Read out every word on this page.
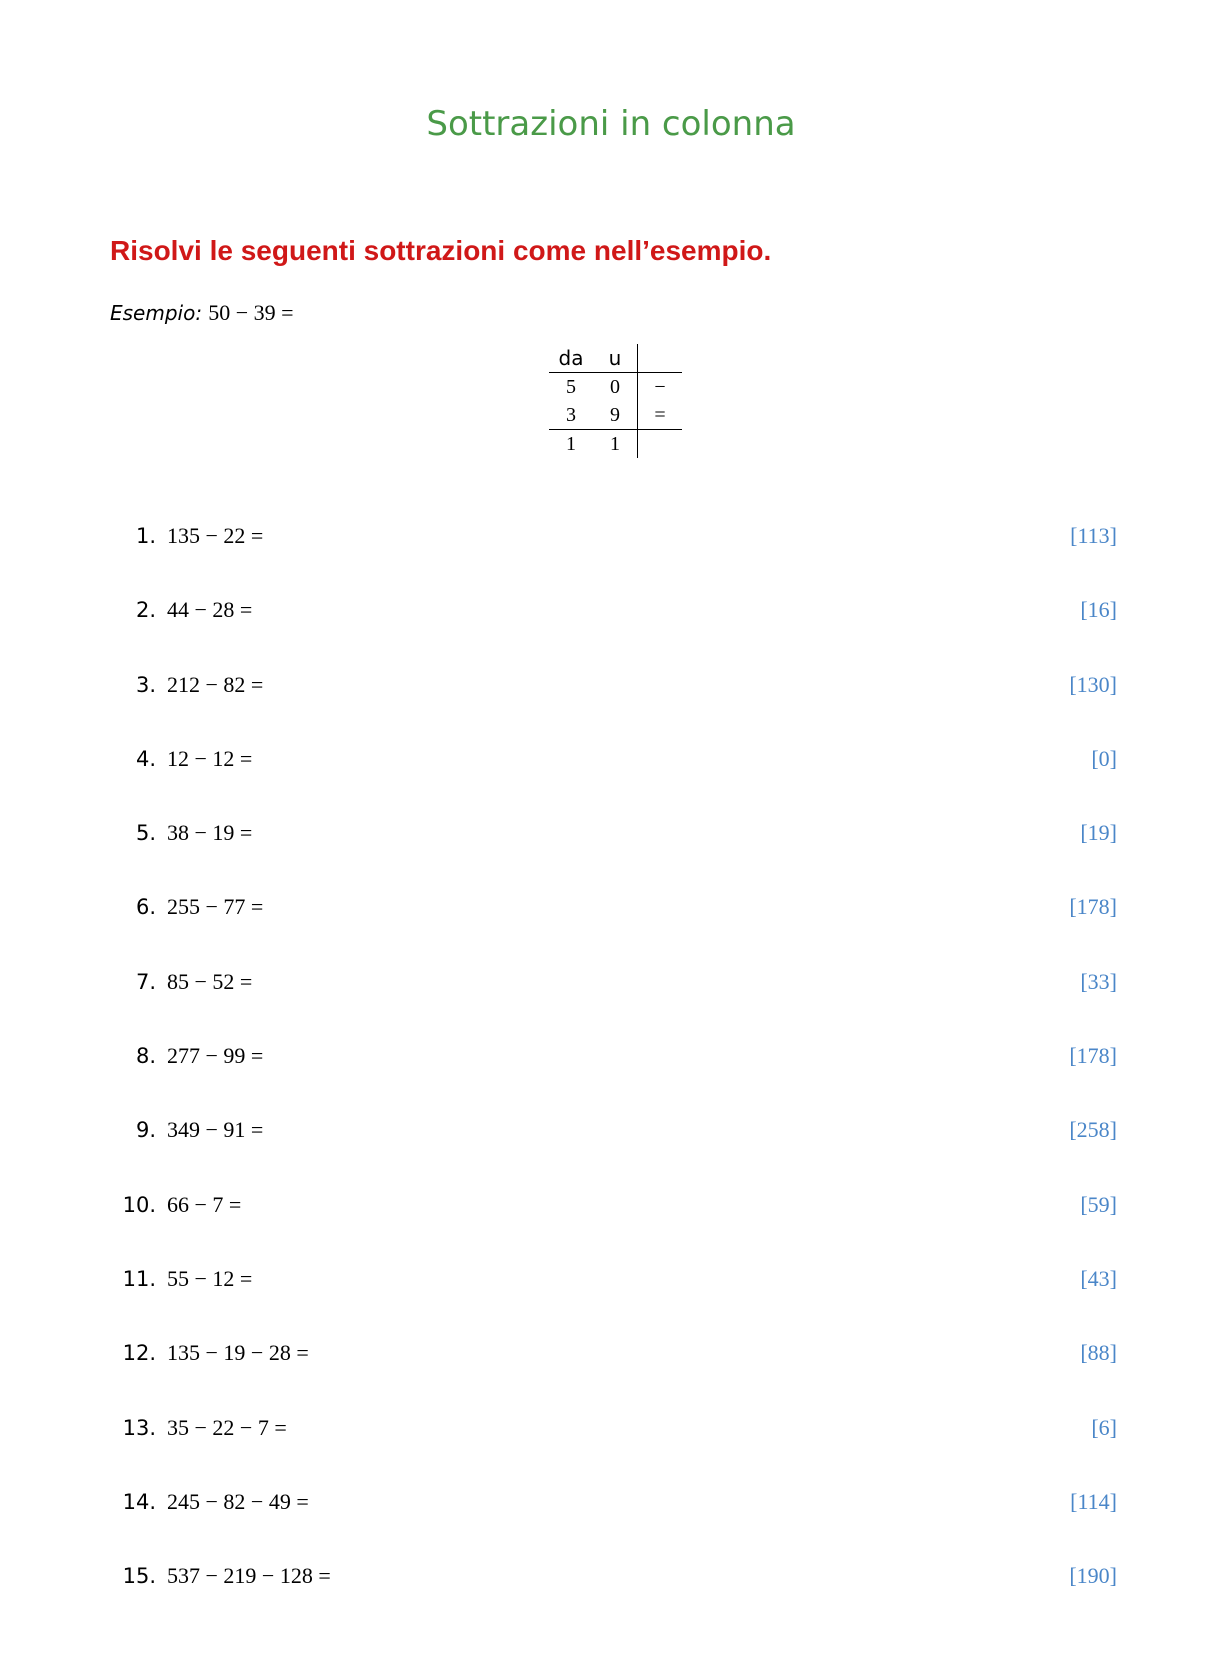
Sottrazioni in colonna
Risolvi le seguenti sottrazioni come nell’esempio.
Esempio: 50 − 39 =
da	u	
5	0	−
3	9	=
1	1	
1. 135 − 22 =	[113]
2. 44 − 28 =	[16]
3. 212 − 82 =	[130]
4. 12 − 12 =	[0]
5. 38 − 19 =	[19]
6. 255 − 77 =	[178]
7. 85 − 52 =	[33]
8. 277 − 99 =	[178]
9. 349 − 91 =	[258]
10. 66 − 7 =	[59]
11. 55 − 12 =	[43]
12. 135 − 19 − 28 =	[88]
13. 35 − 22 − 7 =	[6]
14. 245 − 82 − 49 =	[114]
15. 537 − 219 − 128 =	[190]
